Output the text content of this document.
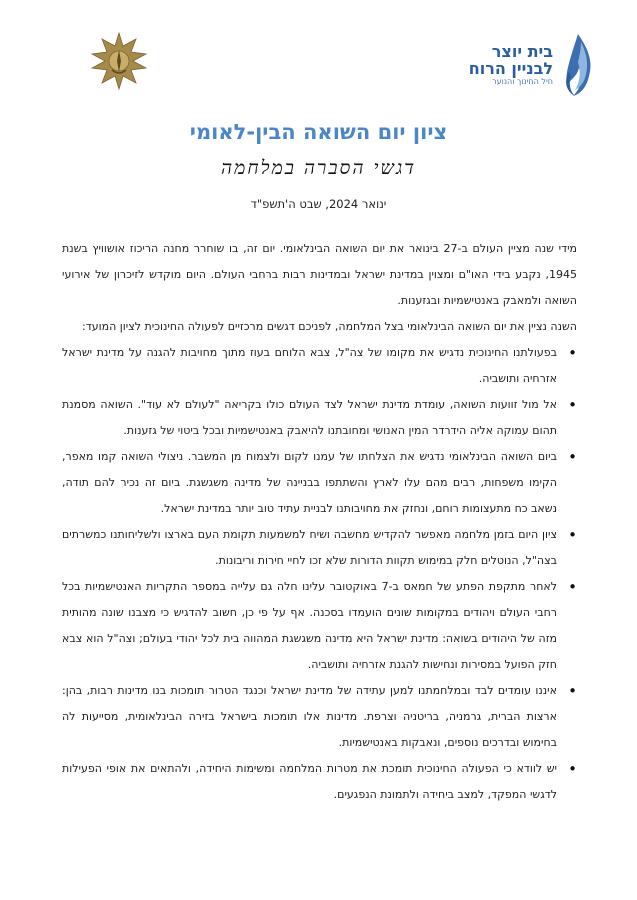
בית יוצר
לבניין הרוח
חיל החינוך והנוער
ציון יום השואה הבין-לאומי
דגשי הסברה במלחמה
ינואר 2024, שבט ה'תשפ"ד

מידי שנה מציין העולם ב-27 בינואר את יום השואה הבינלאומי. יום זה, בו שוחרר מחנה הריכוז אושוויץ בשנת 1945, נקבע בידי האו"ם ומצוין במדינת ישראל ובמדינות רבות ברחבי העולם. היום מוקדש לזיכרון של אירועי השואה ולמאבק באנטישמיות ובגזענות.

השנה נציין את יום השואה הבינלאומי בצל המלחמה, לפניכם דגשים מרכזיים לפעולה החינוכית לציון המועד:

• בפעולתנו החינוכית נדגיש את מקומו של צה"ל, צבא הלוחם בעוז מתוך מחויבות להגנה על מדינת ישראל אזרחיה ותושביה.
• אל מול זוועות השואה, עומדת מדינת ישראל לצד העולם כולו בקריאה "לעולם לא עוד". השואה מסמנת תהום עמוקה אליה הידרדר המין האנושי ומחובתנו להיאבק באנטישמיות ובכל ביטוי של גזענות.
• ביום השואה הבינלאומי נדגיש את הצלחתו של עמנו לקום ולצמוח מן המשבר. ניצולי השואה קמו מאפר, הקימו משפחות, רבים מהם עלו לארץ והשתתפו בבניינה של מדינה משגשגת. ביום זה נכיר להם תודה, נשאב כח מתעצומות רוחם, ונחזק את מחויבותנו לבניית עתיד טוב יותר במדינת ישראל.
• ציון היום בזמן מלחמה מאפשר להקדיש מחשבה ושיח למשמעות תקומת העם בארצו ולשליחותנו כמשרתים בצה"ל, הנוטלים חלק במימוש תקוות הדורות שלא זכו לחיי חירות וריבונות.
• לאחר מתקפת הפתע של חמאס ב-7 באוקטובר עלינו חלה גם עלייה במספר התקריות האנטישמיות בכל רחבי העולם ויהודים במקומות שונים הועמדו בסכנה. אף על פי כן, חשוב להדגיש כי מצבנו שונה מהותית מזה של היהודים בשואה: מדינת ישראל היא מדינה משגשגת המהווה בית לכל יהודי בעולם; וצה"ל הוא צבא חזק הפועל במסירות ונחישות להגנת אזרחיה ותושביה.
• איננו עומדים לבד ובמלחמתנו למען עתידה של מדינת ישראל וכנגד הטרור תומכות בנו מדינות רבות, בהן: ארצות הברית, גרמניה, בריטניה וצרפת. מדינות אלו תומכות בישראל בזירה הבינלאומית, מסייעות לה בחימוש ובדרכים נוספים, ונאבקות באנטישמיות.
• יש לוודא כי הפעולה החינוכית תומכת את מטרות המלחמה ומשימות היחידה, ולהתאים את אופי הפעילות לדגשי המפקד, למצב ביחידה ולתמונת הנפגעים.
